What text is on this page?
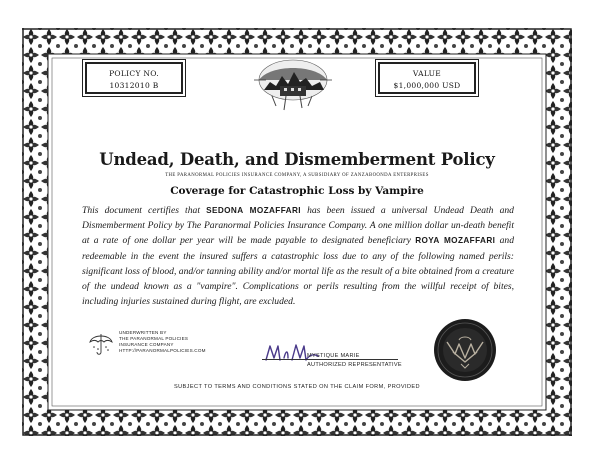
POLICY NO.
10312010 B
VALUE
$1,000,000 USD
Undead, Death, and Dismemberment Policy
THE PARANORMAL POLICIES INSURANCE COMPANY, A SUBSIDIARY OF ZANZABOONDA ENTERPRISES
Coverage for Catastrophic Loss by Vampire
This document certifies that SEDONA MOZAFFARI has been issued a universal Undead Death and Dismemberment Policy by The Paranormal Policies Insurance Company. A one million dollar un-death benefit at a rate of one dollar per year will be made payable to designated beneficiary ROYA MOZAFFARI and redeemable in the event the insured suffers a catastrophic loss due to any of the following named perils: significant loss of blood, and/or tanning ability and/or mortal life as the result of a bite obtained from a creature of the undead known as a "vampire". Complications or perils resulting from the willful receipt of bites, including injuries sustained during flight, are excluded.
UNDERWRITTEN BY
THE PARANORMAL POLICIES
INSURANCE COMPANY
HTTP://PARANORMALPOLICIES.COM
MYSTIQUE MARIE
AUTHORIZED REPRESENTATIVE
SUBJECT TO TERMS AND CONDITIONS STATED ON THE CLAIM FORM, PROVIDED
